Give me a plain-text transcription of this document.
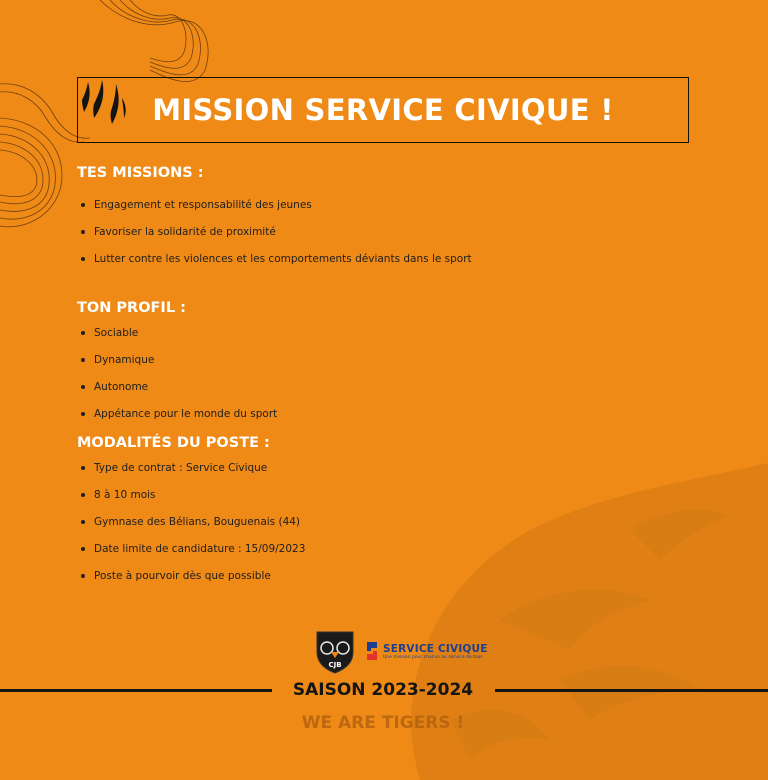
MISSION SERVICE CIVIQUE !
TES MISSIONS :
Engagement et responsabilité des jeunes
Favoriser la solidarité de proximité
Lutter contre les violences et les comportements déviants dans le sport
TON PROFIL :
Sociable
Dynamique
Autonome
Appétance pour le monde du sport
MODALITÉS DU POSTE :
Type de contrat : Service Civique
8 à 10 mois
Gymnase des Bélians, Bouguenais (44)
Date limite de candidature : 15/09/2023
Poste à pourvoir dès que possible
CJB
SERVICE CIVIQUE
Une mission pour chacun au service de tous
SAISON 2023-2024
WE ARE TIGERS !
